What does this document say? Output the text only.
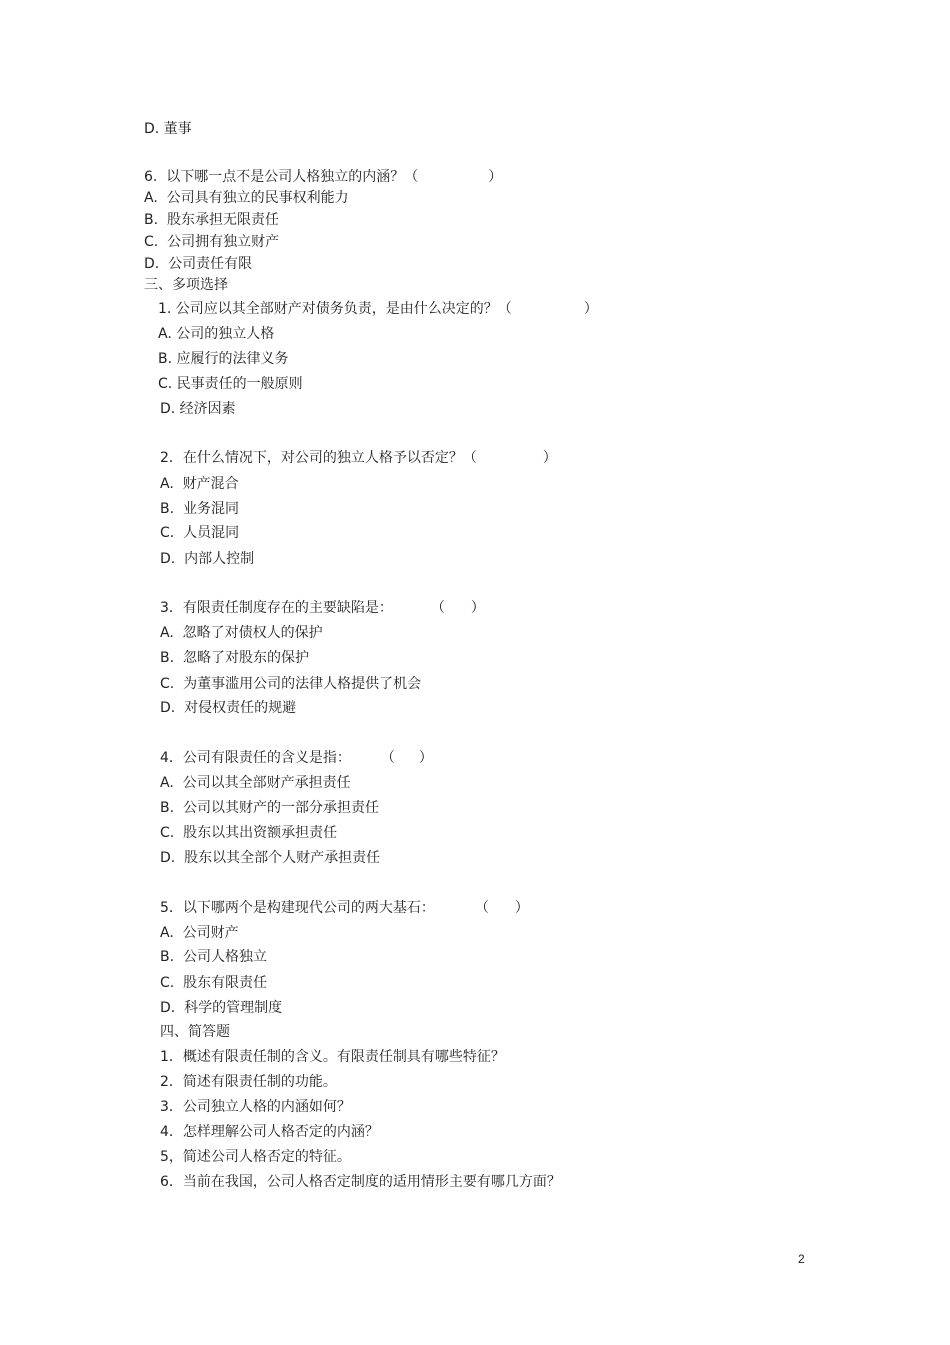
D. 董事
6.  以下哪一点不是公司人格独立的内涵？（	）
A.  公司具有独立的民事权利能力
B.  股东承担无限责任
C.  公司拥有独立财产
D.  公司责任有限
三、多项选择
1. 公司应以其全部财产对债务负责，是由什么决定的？（	）
A. 公司的独立人格
B. 应履行的法律义务
C. 民事责任的一般原则
D. 经济因素
2．在什么情况下，对公司的独立人格予以否定？（	）
A.  财产混合
B.  业务混同
C.  人员混同
D.  内部人控制
3．有限责任制度存在的主要缺陷是：	（ ）
A.  忽略了对债权人的保护
B.  忽略了对股东的保护
C.  为董事滥用公司的法律人格提供了机会
D.  对侵权责任的规避
4．公司有限责任的含义是指： （ ）
A.  公司以其全部财产承担责任
B.  公司以其财产的一部分承担责任
C.  股东以其出资额承担责任
D.  股东以其全部个人财产承担责任
5．以下哪两个是构建现代公司的两大基石：	（ ）
A.  公司财产
B.  公司人格独立
C.  股东有限责任
D.  科学的管理制度
四、简答题
1．概述有限责任制的含义。有限责任制具有哪些特征？
2．简述有限责任制的功能。
3．公司独立人格的内涵如何？
4．怎样理解公司人格否定的内涵？
5，简述公司人格否定的特征。
6．当前在我国，公司人格否定制度的适用情形主要有哪几方面？
2
